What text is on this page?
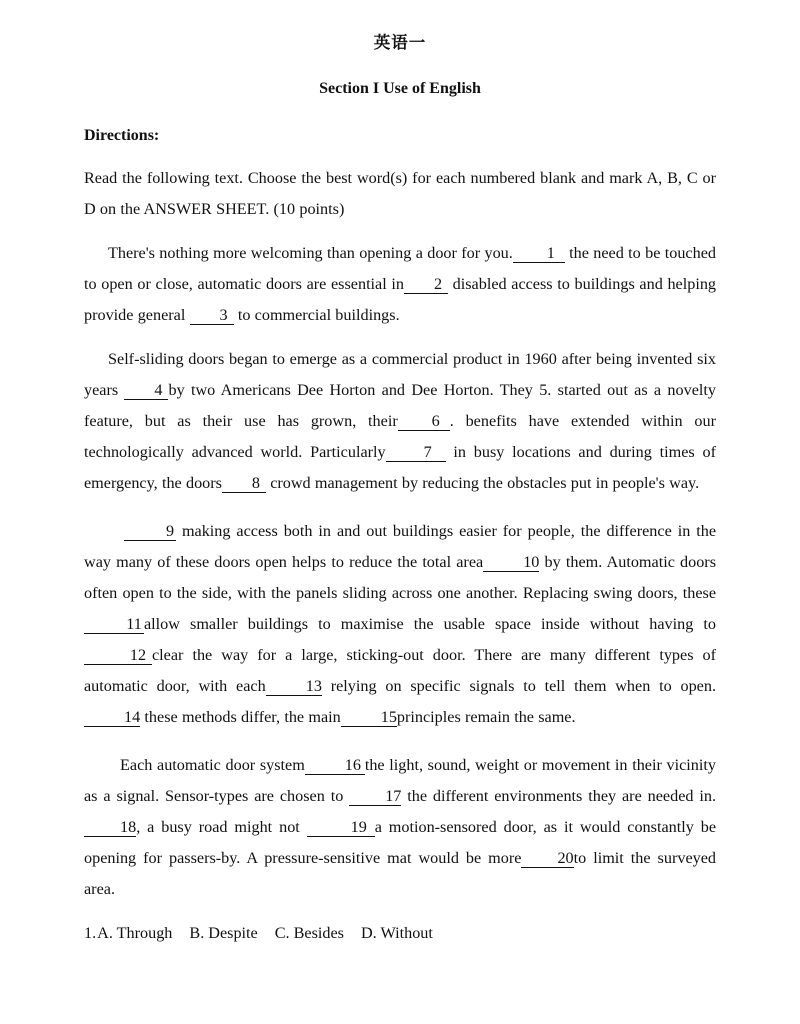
英语一
Section I Use of English
Directions:

Read the following text. Choose the best word(s) for each numbered blank and mark A, B, C or D on the ANSWER SHEET. (10 points)

There's nothing more welcoming than opening a door for you. 1 the need to be touched to open or close, automatic doors are essential in 2 disabled access to buildings and helping provide general 3 to commercial buildings.

Self-sliding doors began to emerge as a commercial product in 1960 after being invented six years 4 by two Americans Dee Horton and Dee Horton. They 5. started out as a novelty feature, but as their use has grown, their 6 . benefits have extended within our technologically advanced world. Particularly 7 in busy locations and during times of emergency, the doors 8 crowd management by reducing the obstacles put in people's way.

9 making access both in and out buildings easier for people, the difference in the way many of these doors open helps to reduce the total area 10 by them. Automatic doors often open to the side, with the panels sliding across one another. Replacing swing doors, these11 allow smaller buildings to maximise the usable space inside without having to12 clear the way for a large, sticking-out door. There are many different types of automatic door, with each 13 relying on specific signals to tell them when to open. 14 these methods differ, the main 15principles remain the same.

Each automatic door system 16 the light, sound, weight or movement in their vicinity as a signal. Sensor-types are chosen to 17 the different environments they are needed in.18, a busy road might not	19 a motion-sensored door, as it would constantly be opening for passers-by. A pressure-sensitive mat would be more 20to limit the surveyed area.

1.A. Through B. Despite C. Besides D. Without
